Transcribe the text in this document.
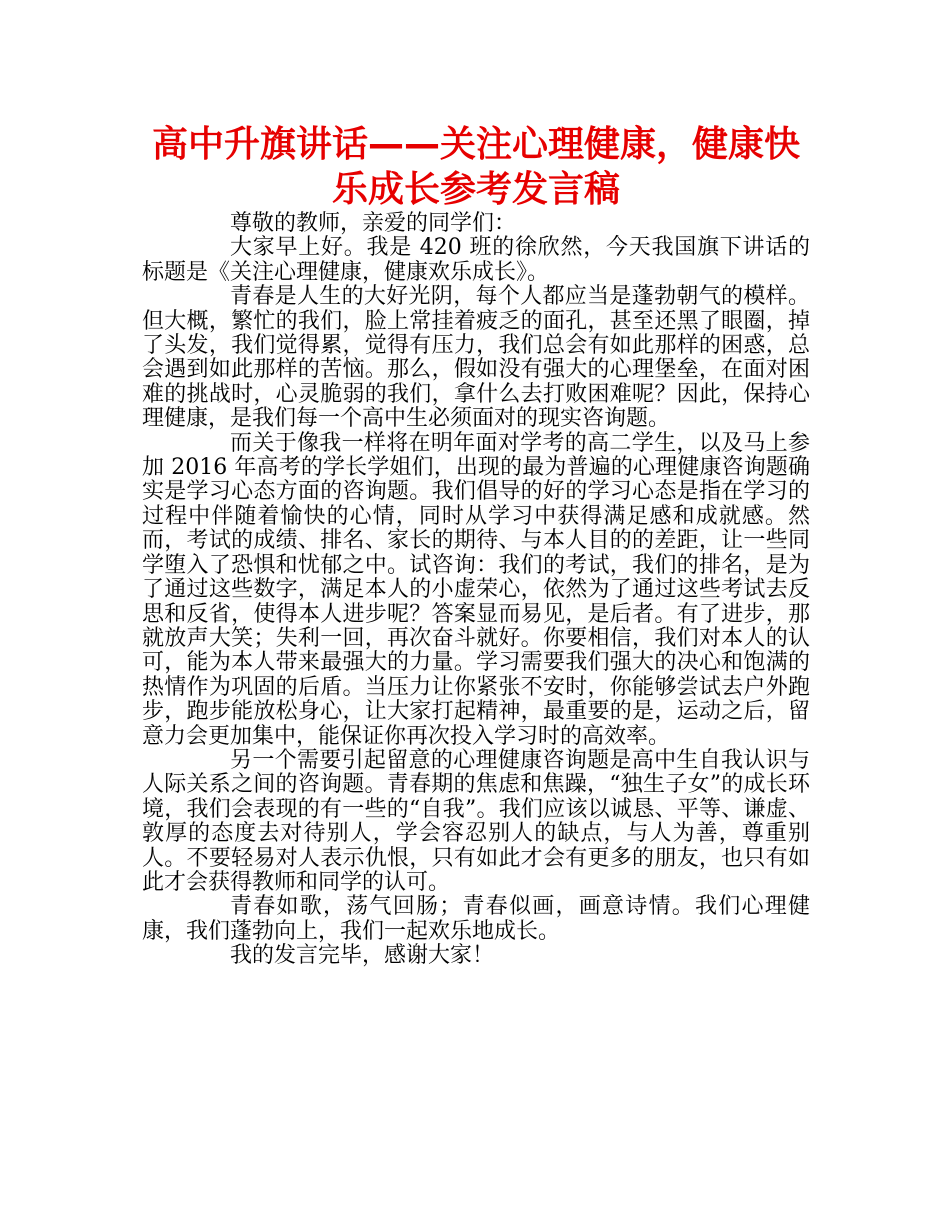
高中升旗讲话——关注心理健康，健康快乐成长参考发言稿

尊敬的教师，亲爱的同学们：

大家早上好。我是 420 班的徐欣然，今天我国旗下讲话的标题是《关注心理健康，健康欢乐成长》。

青春是人生的大好光阴，每个人都应当是蓬勃朝气的模样。但大概，繁忙的我们，脸上常挂着疲乏的面孔，甚至还黑了眼圈，掉了头发，我们觉得累，觉得有压力，我们总会有如此那样的困惑，总会遇到如此那样的苦恼。那么，假如没有强大的心理堡垒，在面对困难的挑战时，心灵脆弱的我们，拿什么去打败困难呢？因此，保持心理健康，是我们每一个高中生必须面对的现实咨询题。

而关于像我一样将在明年面对学考的高二学生，以及马上参加 2016 年高考的学长学姐们，出现的最为普遍的心理健康咨询题确实是学习心态方面的咨询题。我们倡导的好的学习心态是指在学习的过程中伴随着愉快的心情，同时从学习中获得满足感和成就感。然而，考试的成绩、排名、家长的期待、与本人目的的差距，让一些同学堕入了恐惧和忧郁之中。试咨询：我们的考试，我们的排名，是为了通过这些数字，满足本人的小虚荣心，依然为了通过这些考试去反思和反省，使得本人进步呢？答案显而易见，是后者。有了进步，那就放声大笑；失利一回，再次奋斗就好。你要相信，我们对本人的认可，能为本人带来最强大的力量。学习需要我们强大的决心和饱满的热情作为巩固的后盾。当压力让你紧张不安时，你能够尝试去户外跑步，跑步能放松身心，让大家打起精神，最重要的是，运动之后，留意力会更加集中，能保证你再次投入学习时的高效率。

另一个需要引起留意的心理健康咨询题是高中生自我认识与人际关系之间的咨询题。青春期的焦虑和焦躁，“独生子女”的成长环境，我们会表现的有一些的“自我”。我们应该以诚恳、平等、谦虚、敦厚的态度去对待别人，学会容忍别人的缺点，与人为善，尊重别人。不要轻易对人表示仇恨，只有如此才会有更多的朋友，也只有如此才会获得教师和同学的认可。

青春如歌，荡气回肠；青春似画，画意诗情。我们心理健康，我们蓬勃向上，我们一起欢乐地成长。

我的发言完毕，感谢大家！
